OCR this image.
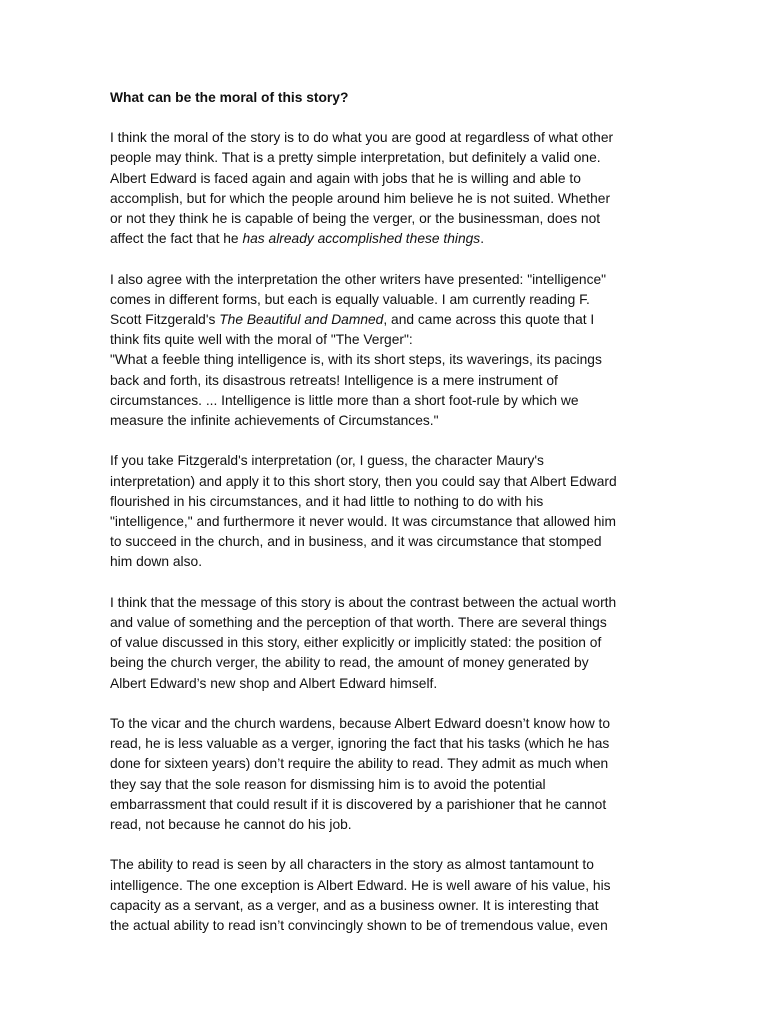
What can be the moral of this story?
I think the moral of the story is to do what you are good at regardless of what other
people may think. That is a pretty simple interpretation, but definitely a valid one.
Albert Edward is faced again and again with jobs that he is willing and able to
accomplish, but for which the people around him believe he is not suited. Whether
or not they think he is capable of being the verger, or the businessman, does not
affect the fact that he has already accomplished these things.
I also agree with the interpretation the other writers have presented: "intelligence"
comes in different forms, but each is equally valuable. I am currently reading F.
Scott Fitzgerald's The Beautiful and Damned, and came across this quote that I
think fits quite well with the moral of "The Verger":
"What a feeble thing intelligence is, with its short steps, its waverings, its pacings
back and forth, its disastrous retreats! Intelligence is a mere instrument of
circumstances. ... Intelligence is little more than a short foot-rule by which we
measure the infinite achievements of Circumstances."
If you take Fitzgerald's interpretation (or, I guess, the character Maury's
interpretation) and apply it to this short story, then you could say that Albert Edward
flourished in his circumstances, and it had little to nothing to do with his
"intelligence," and furthermore it never would. It was circumstance that allowed him
to succeed in the church, and in business, and it was circumstance that stomped
him down also.
I think that the message of this story is about the contrast between the actual worth
and value of something and the perception of that worth. There are several things
of value discussed in this story, either explicitly or implicitly stated: the position of
being the church verger, the ability to read, the amount of money generated by
Albert Edward’s new shop and Albert Edward himself.
To the vicar and the church wardens, because Albert Edward doesn’t know how to
read, he is less valuable as a verger, ignoring the fact that his tasks (which he has
done for sixteen years) don’t require the ability to read. They admit as much when
they say that the sole reason for dismissing him is to avoid the potential
embarrassment that could result if it is discovered by a parishioner that he cannot
read, not because he cannot do his job.
The ability to read is seen by all characters in the story as almost tantamount to
intelligence. The one exception is Albert Edward. He is well aware of his value, his
capacity as a servant, as a verger, and as a business owner. It is interesting that
the actual ability to read isn’t convincingly shown to be of tremendous value, even
